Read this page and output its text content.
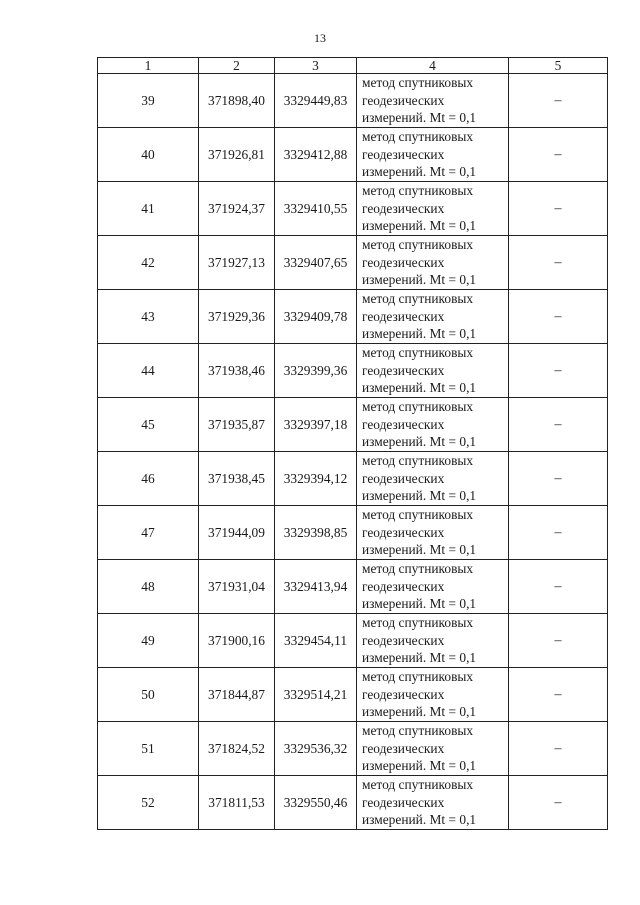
13
1	2	3	4	5
39	371898,40	3329449,83	метод спутниковых
геодезических
измерений. Mt = 0,1	–
40	371926,81	3329412,88	метод спутниковых
геодезических
измерений. Mt = 0,1	–
41	371924,37	3329410,55	метод спутниковых
геодезических
измерений. Mt = 0,1	–
42	371927,13	3329407,65	метод спутниковых
геодезических
измерений. Mt = 0,1	–
43	371929,36	3329409,78	метод спутниковых
геодезических
измерений. Mt = 0,1	–
44	371938,46	3329399,36	метод спутниковых
геодезических
измерений. Mt = 0,1	–
45	371935,87	3329397,18	метод спутниковых
геодезических
измерений. Mt = 0,1	–
46	371938,45	3329394,12	метод спутниковых
геодезических
измерений. Mt = 0,1	–
47	371944,09	3329398,85	метод спутниковых
геодезических
измерений. Mt = 0,1	–
48	371931,04	3329413,94	метод спутниковых
геодезических
измерений. Mt = 0,1	–
49	371900,16	3329454,11	метод спутниковых
геодезических
измерений. Mt = 0,1	–
50	371844,87	3329514,21	метод спутниковых
геодезических
измерений. Mt = 0,1	–
51	371824,52	3329536,32	метод спутниковых
геодезических
измерений. Mt = 0,1	–
52	371811,53	3329550,46	метод спутниковых
геодезических
измерений. Mt = 0,1	–
